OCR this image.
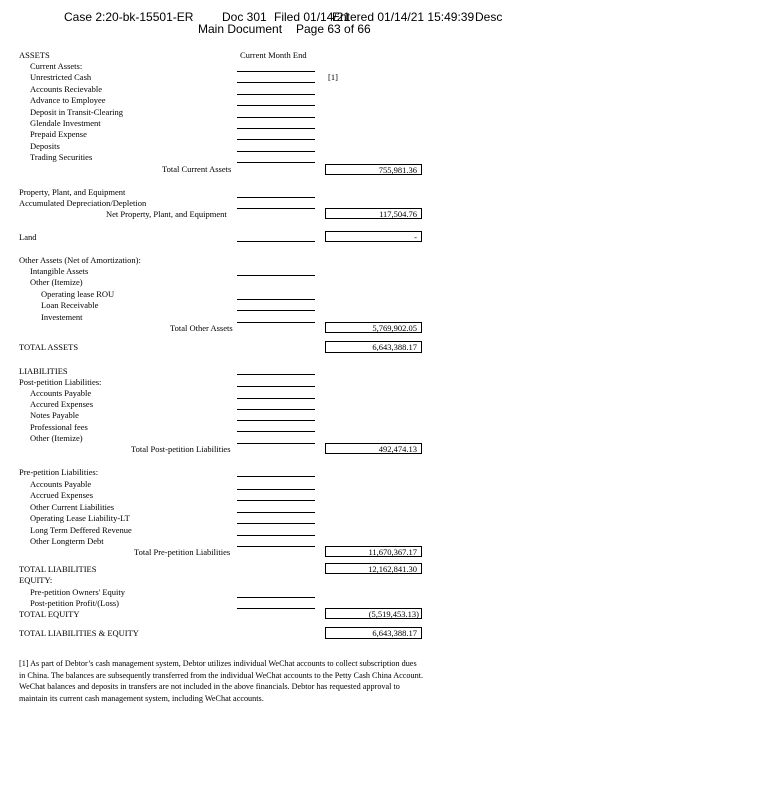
Case 2:20-bk-15501-ER Doc 301 Filed 01/14/21
Entered 01/14/21 15:49:39 Desc
Main Document Page 63 of 66
Current Month End
ASSETS
Current Assets:
Unrestricted Cash	[1]
Accounts Recievable
Advance to Employee
Deposit in Transit-Clearing
Glendale Investment
Prepaid Expense
Deposits
Trading Securities
Total Current Assets	755,981.36
Property, Plant, and Equipment
Accumulated Depreciation/Depletion
Net Property, Plant, and Equipment	117,504.76
Land	-
Other Assets (Net of Amortization):
Intangible Assets
Other (Itemize)
Operating lease ROU
Loan Receivable
Investement
Total Other Assets	5,769,902.05
TOTAL ASSETS	6,643,388.17
LIABILITIES
Post-petition Liabilities:
Accounts Payable
Accured Expenses
Notes Payable
Professional fees
Other (Itemize)
Total Post-petition Liabilities	492,474.13
Pre-petition Liabilities:
Accounts Payable
Accrued Expenses
Other Current Liabilities
Operating Lease Liability-LT
Long Term Deffered Revenue
Other Longterm Debt
Total Pre-petition Liabilities	11,670,367.17
TOTAL LIABILITIES	12,162,841.30
EQUITY:
Pre-petition Owners' Equity
Post-petition Profit/(Loss)
TOTAL EQUITY	(5,519,453.13)
TOTAL LIABILITIES & EQUITY	6,643,388.17
[1] As part of Debtor’s cash management system, Debtor utilizes individual WeChat accounts to collect subscription dues in China. The balances are subsequently transferred from the individual WeChat accounts to the Petty Cash China Account. WeChat balances and deposits in transfers are not included in the above financials. Debtor has requested approval to maintain its current cash management system, including WeChat accounts.
